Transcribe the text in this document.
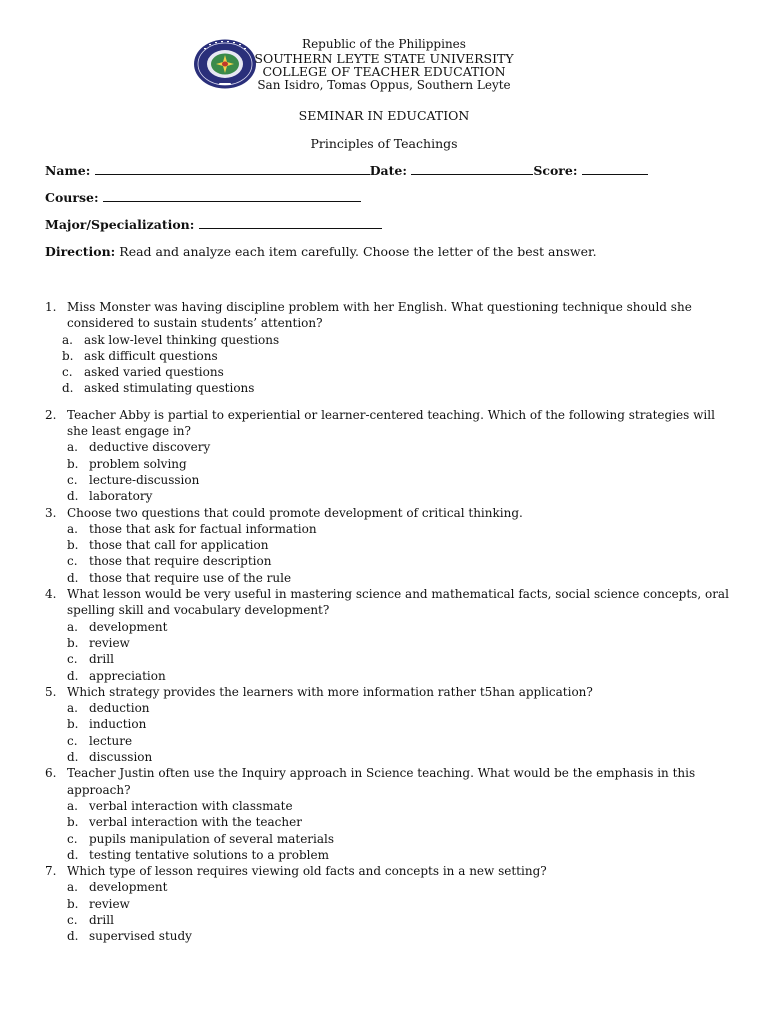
Republic of the Philippines
SOUTHERN LEYTE STATE UNIVERSITY
COLLEGE OF TEACHER EDUCATION
San Isidro, Tomas Oppus, Southern Leyte
SEMINAR IN EDUCATION
Principles of Teachings
Name:	Date:	Score:
Course:
Major/Specialization:
Direction: Read and analyze each item carefully. Choose the letter of the best answer.
1. Miss Monster was having discipline problem with her English. What questioning technique should she considered to sustain students’ attention?
a. ask low-level thinking questions
b. ask difficult questions
c. asked varied questions
d. asked stimulating questions
2. Teacher Abby is partial to experiential or learner-centered teaching. Which of the following strategies will she least engage in?
a. deductive discovery
b. problem solving
c. lecture-discussion
d. laboratory
3. Choose two questions that could promote development of critical thinking.
a. those that ask for factual information
b. those that call for application
c. those that require description
d. those that require use of the rule
4. What lesson would be very useful in mastering science and mathematical facts, social science concepts, oral spelling skill and vocabulary development?
a. development
b. review
c. drill
d. appreciation
5. Which strategy provides the learners with more information rather t5han application?
a. deduction
b. induction
c. lecture
d. discussion
6. Teacher Justin often use the Inquiry approach in Science teaching. What would be the emphasis in this approach?
a. verbal interaction with classmate
b. verbal interaction with the teacher
c. pupils manipulation of several materials
d. testing tentative solutions to a problem
7. Which type of lesson requires viewing old facts and concepts in a new setting?
a. development
b. review
c. drill
d. supervised study
